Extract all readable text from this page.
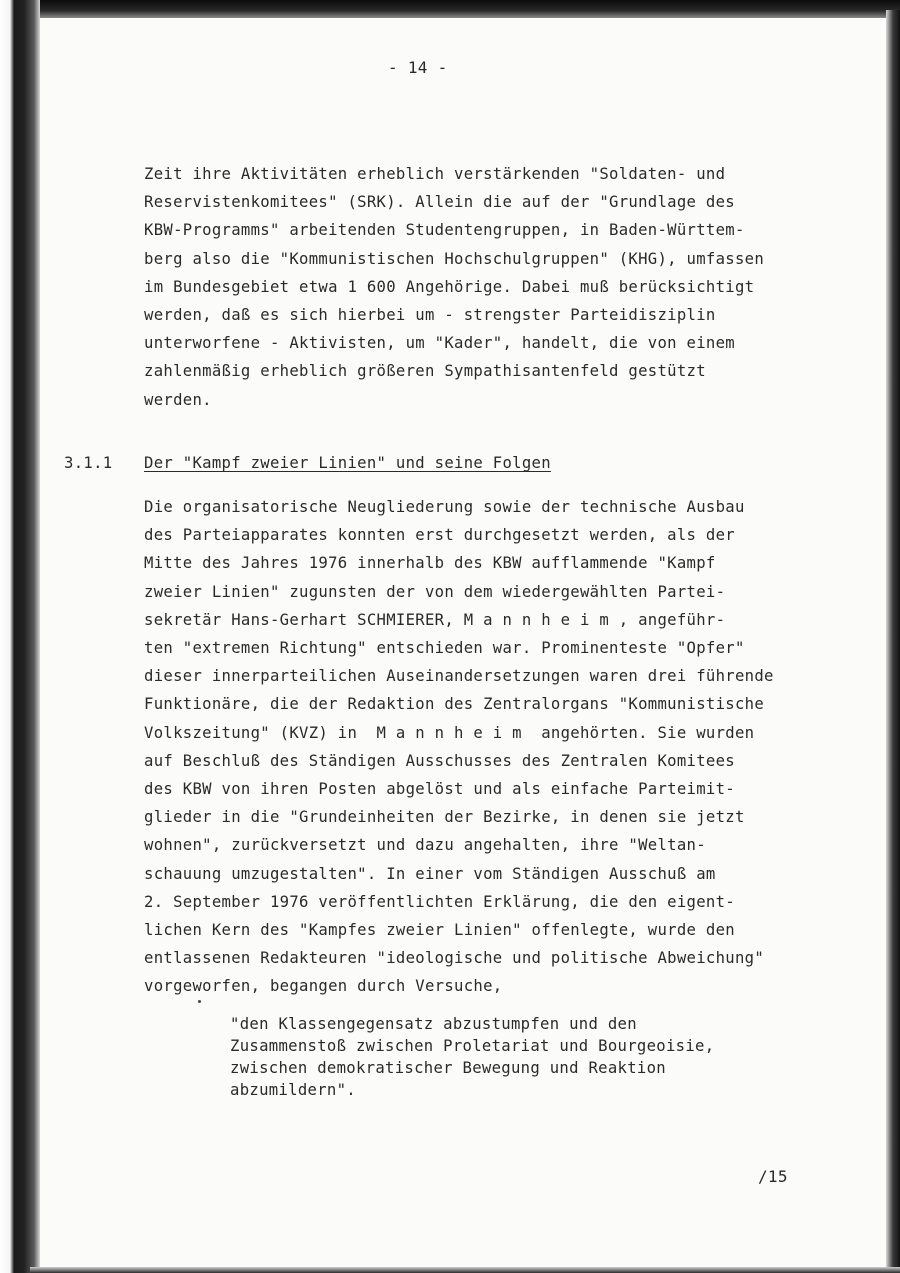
- 14 -

Zeit ihre Aktivitäten erheblich verstärkenden "Soldaten- und
Reservistenkomitees" (SRK). Allein die auf der "Grundlage des
KBW-Programms" arbeitenden Studentengruppen, in Baden-Württem-
berg also die "Kommunistischen Hochschulgruppen" (KHG), umfassen
im Bundesgebiet etwa 1 600 Angehörige. Dabei muß berücksichtigt
werden, daß es sich hierbei um - strengster Parteidisziplin
unterworfene - Aktivisten, um "Kader", handelt, die von einem
zahlenmäßig erheblich größeren Sympathisantenfeld gestützt
werden.

3.1.1 Der "Kampf zweier Linien" und seine Folgen

Die organisatorische Neugliederung sowie der technische Ausbau
des Parteiapparates konnten erst durchgesetzt werden, als der
Mitte des Jahres 1976 innerhalb des KBW aufflammende "Kampf
zweier Linien" zugunsten der von dem wiedergewählten Partei-
sekretär Hans-Gerhart SCHMIERER, M a n n h e i m , angeführ-
ten "extremen Richtung" entschieden war. Prominenteste "Opfer"
dieser innerparteilichen Auseinandersetzungen waren drei führende
Funktionäre, die der Redaktion des Zentralorgans "Kommunistische
Volkszeitung" (KVZ) in  M a n n h e i m  angehörten. Sie wurden
auf Beschluß des Ständigen Ausschusses des Zentralen Komitees
des KBW von ihren Posten abgelöst und als einfache Parteimit-
glieder in die "Grundeinheiten der Bezirke, in denen sie jetzt
wohnen", zurückversetzt und dazu angehalten, ihre "Weltan-
schauung umzugestalten". In einer vom Ständigen Ausschuß am
2. September 1976 veröffentlichten Erklärung, die den eigent-
lichen Kern des "Kampfes zweier Linien" offenlegte, wurde den
entlassenen Redakteuren "ideologische und politische Abweichung"
vorgeworfen, begangen durch Versuche,

"den Klassengegensatz abzustumpfen und den
Zusammenstoß zwischen Proletariat und Bourgeoisie,
zwischen demokratischer Bewegung und Reaktion
abzumildern".

/15
